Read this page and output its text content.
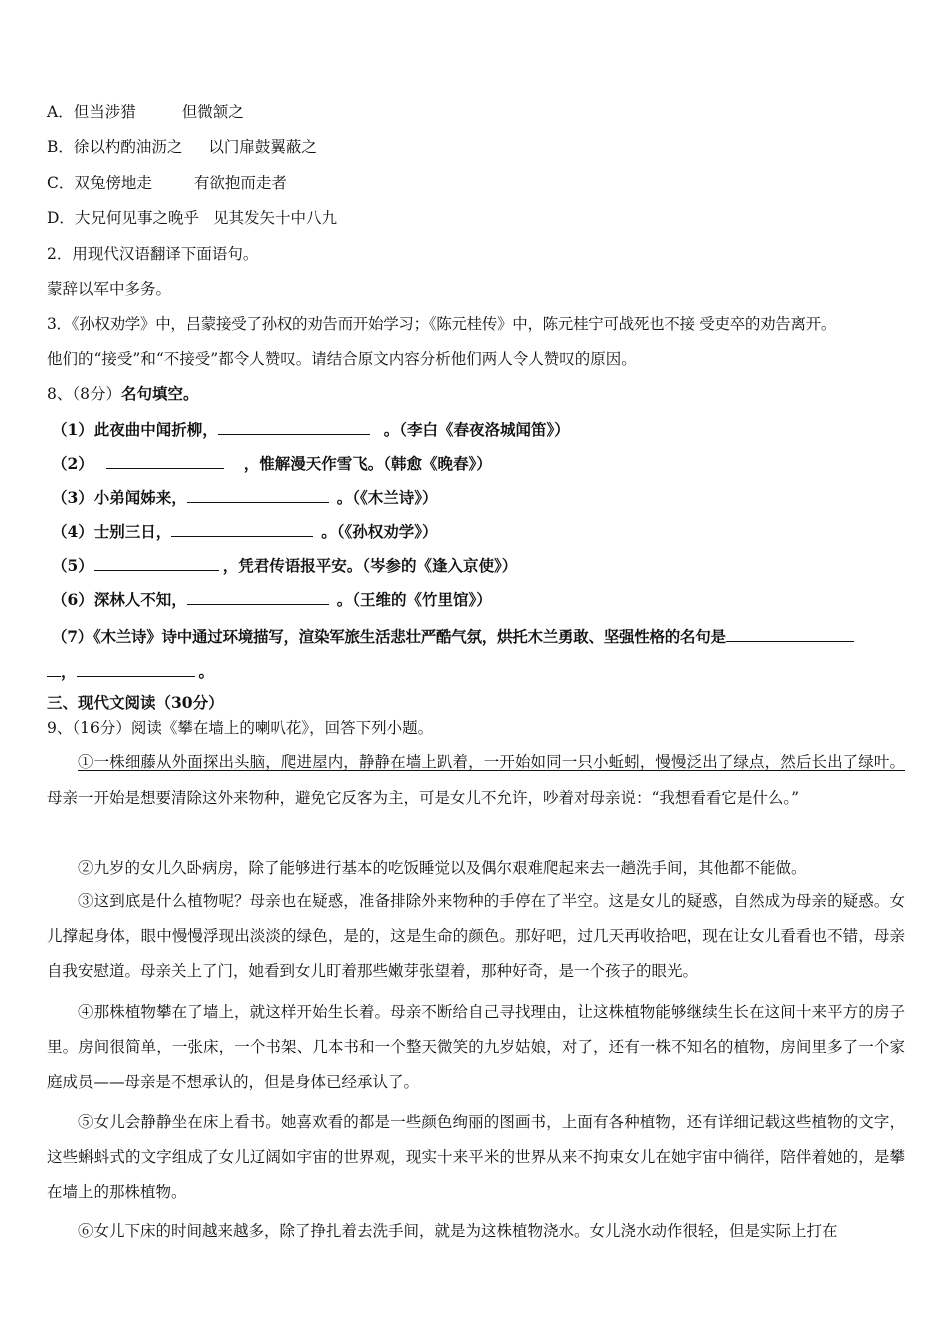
A．但当涉猎	但微颔之
B．徐以杓酌油沥之 以门扉鼓翼蔽之
C．双兔傍地走	有欲抱而走者
D．大兄何见事之晚乎 见其发矢十中八九
2．用现代汉语翻译下面语句。
蒙辞以军中多务。
3．《孙权劝学》中，吕蒙接受了孙权的劝告而开始学习；《陈元桂传》中，陈元桂宁可战死也不接 受吏卒的劝告离开。
他们的“接受”和“不接受”都令人赞叹。请结合原文内容分析他们两人令人赞叹的原因。
8、（8分）名句填空。
（1）此夜曲中闻折柳，	。（李白《春夜洛城闻笛》）
（2）	，惟解漫天作雪飞。（韩愈《晚春》）
（3）小弟闻姊来，	。（《木兰诗》）
（4）士别三日，	。（《孙权劝学》）
（5）	，凭君传语报平安。（岑参的《逢入京使》）
（6）深林人不知，	。（王维的《竹里馆》）
（7）《木兰诗》诗中通过环境描写，渲染军旅生活悲壮严酷气氛，烘托木兰勇敢、坚强性格的名句是
，	。
三、现代文阅读（30分）
9、（16分）阅读《攀在墙上的喇叭花》，回答下列小题。
①一株细藤从外面探出头脑，爬进屋内，静静在墙上趴着，一开始如同一只小蚯蚓，慢慢泛出了绿点，然后长出了绿叶。母亲一开始是想要清除这外来物种，避免它反客为主，可是女儿不允许，吵着对母亲说：“我想看看它是什么。”
②九岁的女儿久卧病房，除了能够进行基本的吃饭睡觉以及偶尔艰难爬起来去一趟洗手间，其他都不能做。
③这到底是什么植物呢？母亲也在疑惑，准备排除外来物种的手停在了半空。这是女儿的疑惑，自然成为母亲的疑惑。女儿撑起身体，眼中慢慢浮现出淡淡的绿色，是的，这是生命的颜色。那好吧，过几天再收拾吧，现在让女儿看看也不错，母亲自我安慰道。母亲关上了门，她看到女儿盯着那些嫩芽张望着，那种好奇，是一个孩子的眼光。
④那株植物攀在了墙上，就这样开始生长着。母亲不断给自己寻找理由，让这株植物能够继续生长在这间十来平方的房子里。房间很简单，一张床，一个书架、几本书和一个整天微笑的九岁姑娘，对了，还有一株不知名的植物，房间里多了一个家庭成员——母亲是不想承认的，但是身体已经承认了。
⑤女儿会静静坐在床上看书。她喜欢看的都是一些颜色绚丽的图画书，上面有各种植物，还有详细记载这些植物的文字，这些蝌蚪式的文字组成了女儿辽阔如宇宙的世界观，现实十来平米的世界从来不拘束女儿在她宇宙中徜徉，陪伴着她的，是攀在墙上的那株植物。
⑥女儿下床的时间越来越多，除了挣扎着去洗手间，就是为这株植物浇水。女儿浇水动作很轻，但是实际上打在
